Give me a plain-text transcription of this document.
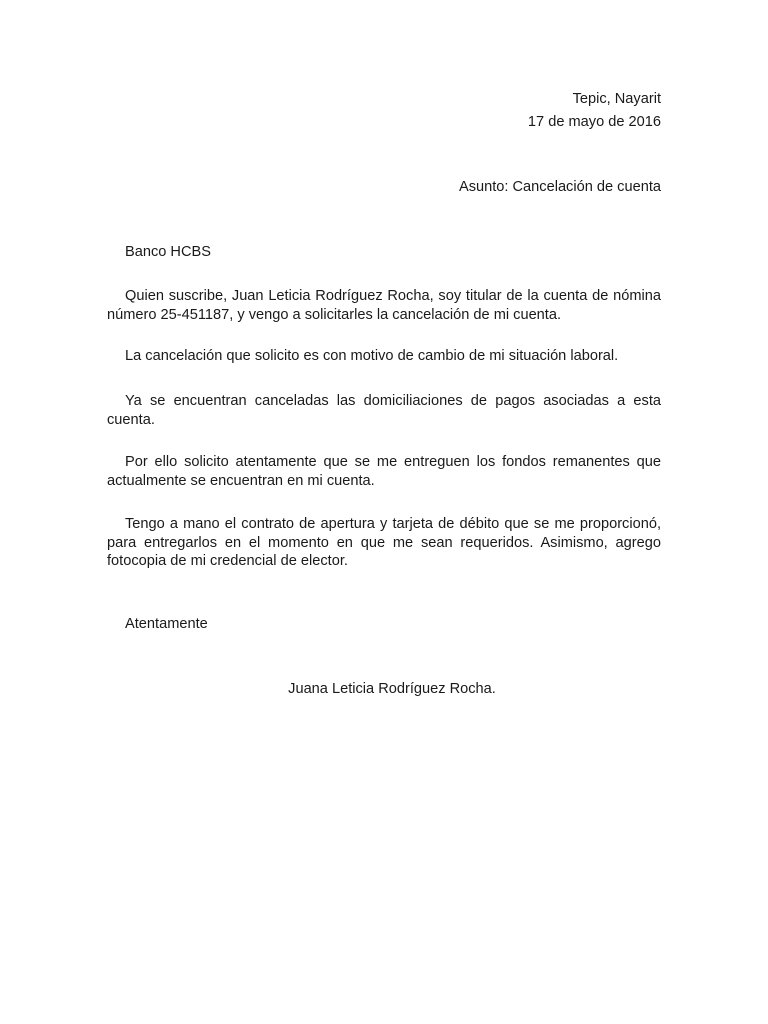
Tepic, Nayarit
17 de mayo de 2016
Asunto: Cancelación de cuenta
Banco HCBS
Quien suscribe, Juan Leticia Rodríguez Rocha, soy titular de la cuenta de nómina número 25-451187, y vengo a solicitarles la cancelación de mi cuenta.
La cancelación que solicito es con motivo de cambio de mi situación laboral.
Ya se encuentran canceladas las domiciliaciones de pagos asociadas a esta cuenta.
Por ello solicito atentamente que se me entreguen los fondos remanentes que actualmente se encuentran en mi cuenta.
Tengo a mano el contrato de apertura y tarjeta de débito que se me proporcionó, para entregarlos en el momento en que me sean requeridos. Asimismo, agrego fotocopia de mi credencial de elector.
Atentamente
Juana Leticia Rodríguez Rocha.
